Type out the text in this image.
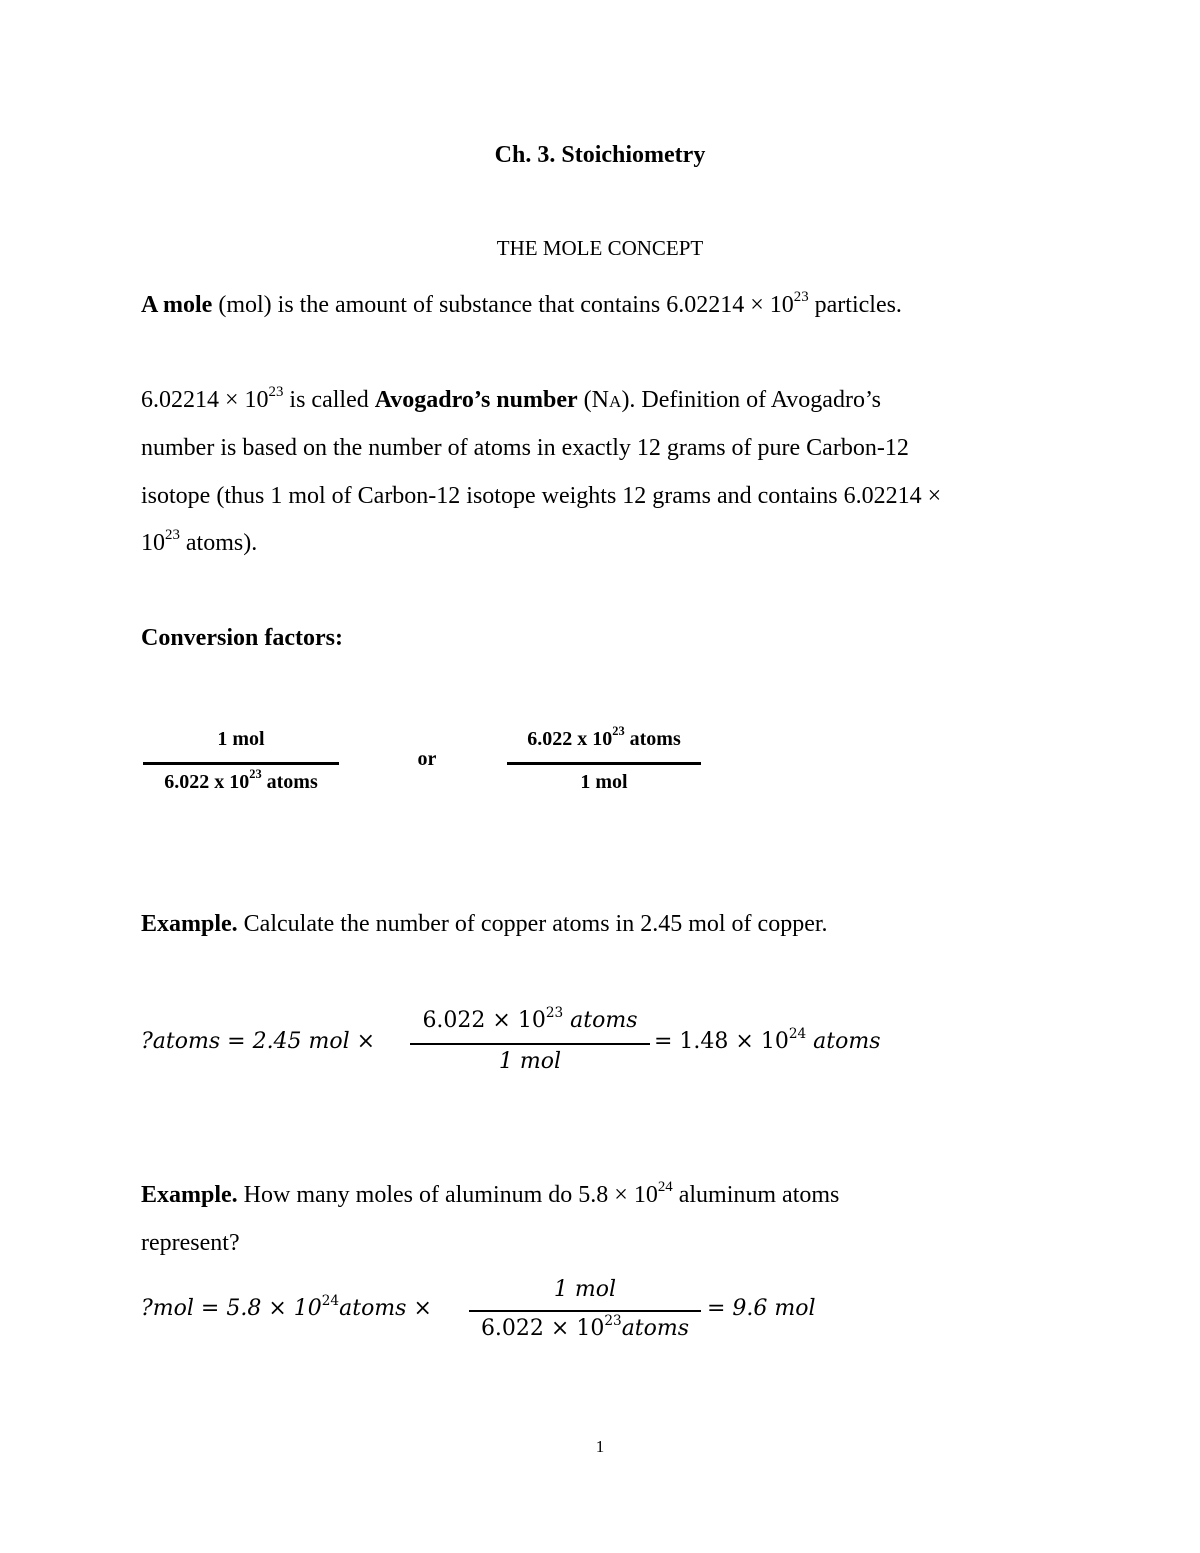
Ch. 3. Stoichiometry
THE MOLE CONCEPT
A mole (mol) is the amount of substance that contains $6.02214 \times 10^{23}$ particles.
$6.02214 \times 10^{23}$ is called Avogadro’s number (NA). Definition of Avogadro’s
number is based on the number of atoms in exactly 12 grams of pure Carbon-12
isotope (thus 1 mol of Carbon-12 isotope weights 12 grams and contains 6.02214 ×
$10^{23}$ atoms).
Conversion factors:
1 mol
6.022 x $10^{23}$ atoms
or
6.022 x $10^{23}$ atoms
1 mol
Example. Calculate the number of copper atoms in 2.45 mol of copper.
?atoms = 2.45 mol ×
$6.022 \times 10^{23}$ atoms
1 mol
= $1.48 \times 10^{24}$ atoms
Example. How many moles of aluminum do $5.8 \times 10^{24}$ aluminum atoms
represent?
?mol = $5.8 \times 10^{24}atoms$ ×
1 mol
$6.022 \times 10^{23}atoms$
= 9.6 mol
1
